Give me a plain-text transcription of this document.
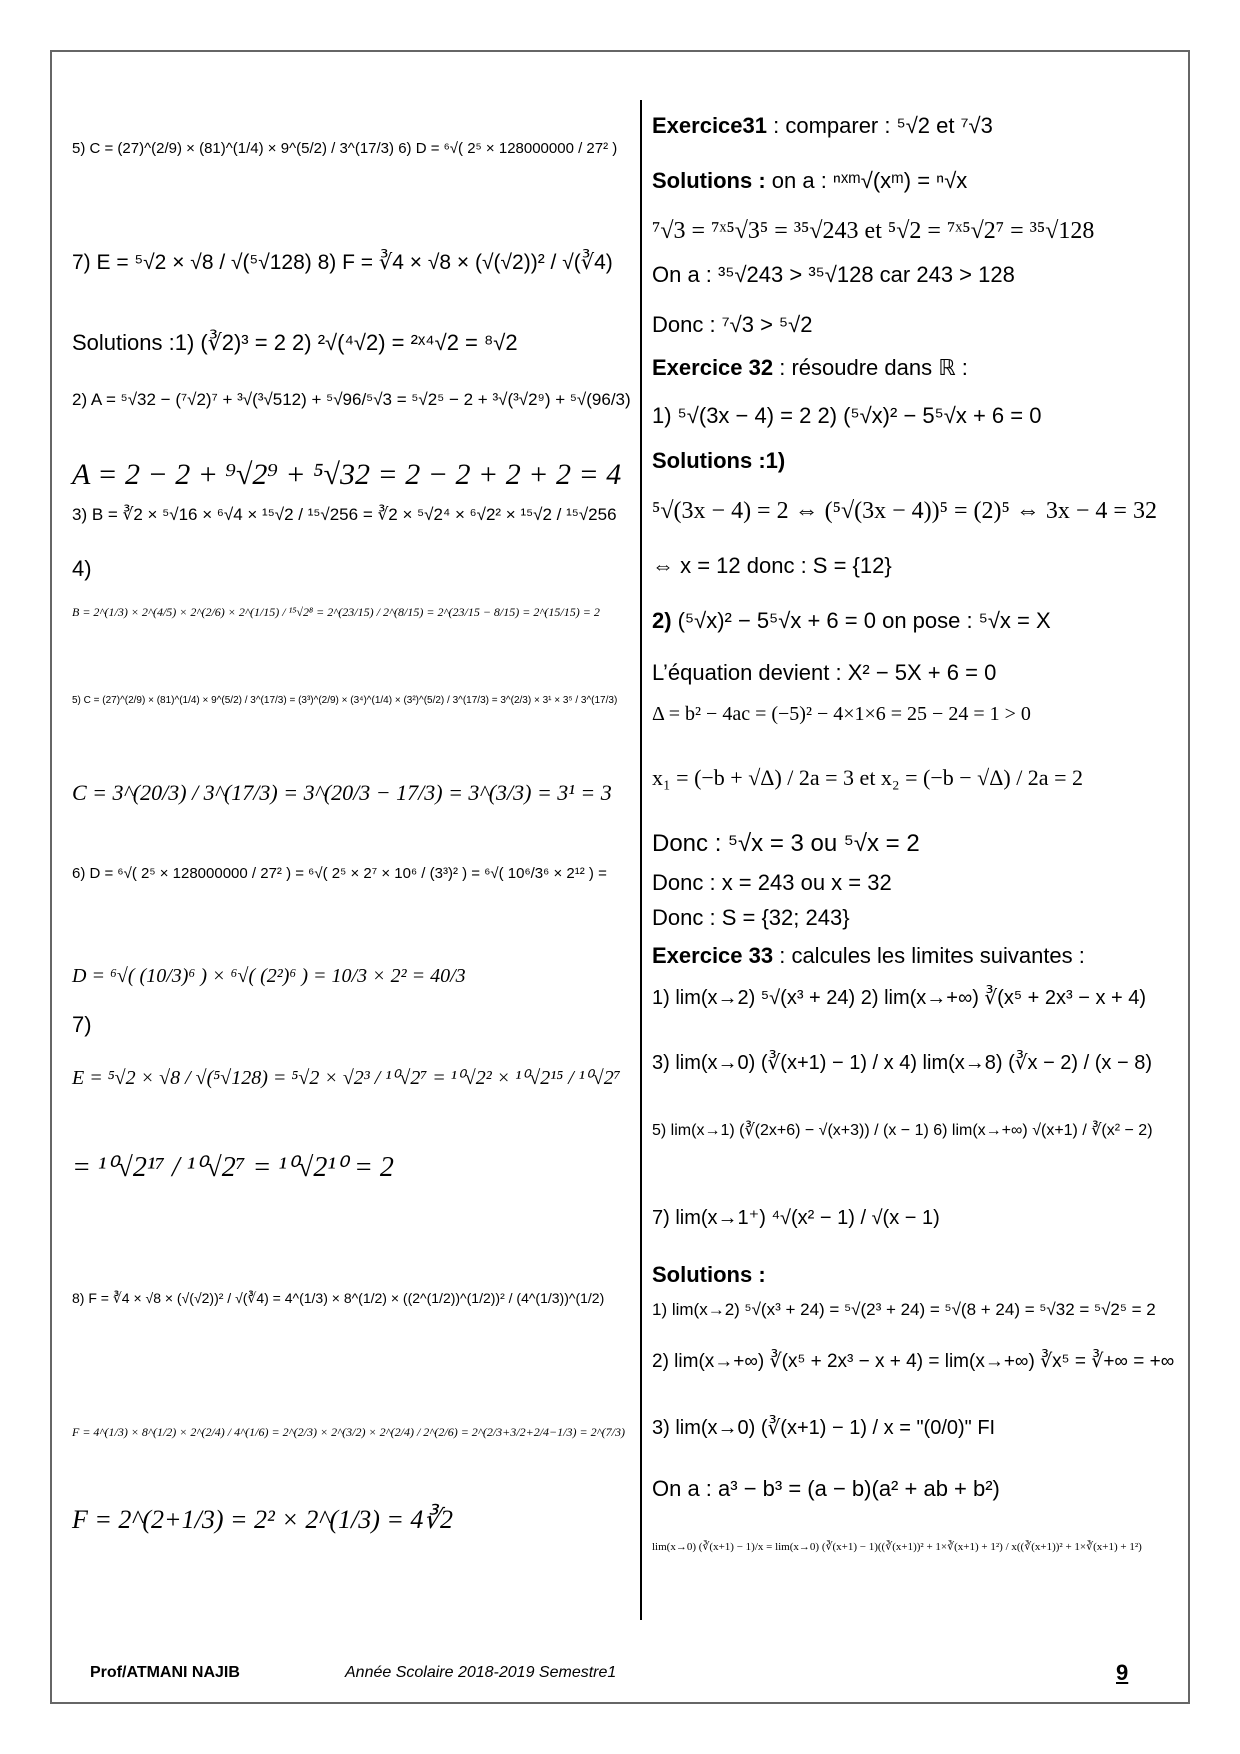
5) C = (27)^(2/9) × (81)^(1/4) × 9^(5/2) / 3^(17/3) 6) D = ⁶√( 2⁵ × 128000000 / 27² )
7) E = ⁵√2 × √8 / √(⁵√128) 8) F = ∛4 × √8 × (√(√2))² / √(∛4)
Solutions :1) (∛2)³ = 2 2) ²√(⁴√2) = ²ˣ⁴√2 = ⁸√2
2) A = ⁵√32 − (⁷√2)⁷ + ³√(³√512) + ⁵√96/⁵√3 = ⁵√2⁵ − 2 + ³√(³√2⁹) + ⁵√(96/3)
A = 2 − 2 + ⁹√2⁹ + ⁵√32 = 2 − 2 + 2 + 2 = 4
3) B = ∛2 × ⁵√16 × ⁶√4 × ¹⁵√2 / ¹⁵√256 = ∛2 × ⁵√2⁴ × ⁶√2² × ¹⁵√2 / ¹⁵√256
4)
B = 2^(1/3) × 2^(4/5) × 2^(2/6) × 2^(1/15) / ¹⁵√2⁸ = 2^(23/15) / 2^(8/15) = 2^(23/15 − 8/15) = 2^(15/15) = 2
5) C = (27)^(2/9) × (81)^(1/4) × 9^(5/2) / 3^(17/3) = (3³)^(2/9) × (3⁴)^(1/4) × (3²)^(5/2) / 3^(17/3) = 3^(2/3) × 3¹ × 3⁵ / 3^(17/3)
C = 3^(20/3) / 3^(17/3) = 3^(20/3 − 17/3) = 3^(3/3) = 3¹ = 3
6) D = ⁶√( 2⁵ × 128000000 / 27² ) = ⁶√( 2⁵ × 2⁷ × 10⁶ / (3³)² ) = ⁶√( 10⁶/3⁶ × 2¹² ) =
D = ⁶√( (10/3)⁶ ) × ⁶√( (2²)⁶ ) = 10/3 × 2² = 40/3
7)
E = ⁵√2 × √8 / √(⁵√128) = ⁵√2 × √2³ / ¹⁰√2⁷ = ¹⁰√2² × ¹⁰√2¹⁵ / ¹⁰√2⁷
= ¹⁰√2¹⁷ / ¹⁰√2⁷ = ¹⁰√2¹⁰ = 2
8) F = ∛4 × √8 × (√(√2))² / √(∛4) = 4^(1/3) × 8^(1/2) × ((2^(1/2))^(1/2))² / (4^(1/3))^(1/2)
F = 4^(1/3) × 8^(1/2) × 2^(2/4) / 4^(1/6) = 2^(2/3) × 2^(3/2) × 2^(2/4) / 2^(2/6) = 2^(2/3+3/2+2/4−1/3) = 2^(7/3)
F = 2^(2+1/3) = 2² × 2^(1/3) = 4∛2
Exercice31 : comparer : ⁵√2 et ⁷√3
Solutions : on a : ⁿˣᵐ√(xᵐ) = ⁿ√x
⁷√3 = ⁷ˣ⁵√3⁵ = ³⁵√243 et ⁵√2 = ⁷ˣ⁵√2⁷ = ³⁵√128
On a : ³⁵√243 > ³⁵√128 car 243 > 128
Donc : ⁷√3 > ⁵√2
Exercice 32 : résoudre dans ℝ :
1) ⁵√(3x − 4) = 2 2) (⁵√x)² − 5⁵√x + 6 = 0
Solutions :1)
⁵√(3x − 4) = 2 ⇔ (⁵√(3x − 4))⁵ = (2)⁵ ⇔ 3x − 4 = 32
⇔ x = 12 donc : S = {12}
2) (⁵√x)² − 5⁵√x + 6 = 0 on pose : ⁵√x = X
L’équation devient : X² − 5X + 6 = 0
Δ = b² − 4ac = (−5)² − 4×1×6 = 25 − 24 = 1 > 0
x₁ = (−b + √Δ) / 2a = 3 et x₂ = (−b − √Δ) / 2a = 2
Donc : ⁵√x = 3 ou ⁵√x = 2
Donc : x = 243 ou x = 32
Donc : S = {32; 243}
Exercice 33 : calcules les limites suivantes :
1) lim(x→2) ⁵√(x³ + 24) 2) lim(x→+∞) ∛(x⁵ + 2x³ − x + 4)
3) lim(x→0) (∛(x+1) − 1) / x 4) lim(x→8) (∛x − 2) / (x − 8)
5) lim(x→1) (∛(2x+6) − √(x+3)) / (x − 1) 6) lim(x→+∞) √(x+1) / ∛(x² − 2)
7) lim(x→1⁺) ⁴√(x² − 1) / √(x − 1)
Solutions :
1) lim(x→2) ⁵√(x³ + 24) = ⁵√(2³ + 24) = ⁵√(8 + 24) = ⁵√32 = ⁵√2⁵ = 2
2) lim(x→+∞) ∛(x⁵ + 2x³ − x + 4) = lim(x→+∞) ∛x⁵ = ∛+∞ = +∞
3) lim(x→0) (∛(x+1) − 1) / x = "(0/0)" FI
On a : a³ − b³ = (a − b)(a² + ab + b²)
lim(x→0) (∛(x+1) − 1)/x = lim(x→0) (∛(x+1) − 1)((∛(x+1))² + 1×∛(x+1) + 1²) / x((∛(x+1))² + 1×∛(x+1) + 1²)
Prof/ATMANI NAJIB	Année Scolaire 2018-2019 Semestre1	9
